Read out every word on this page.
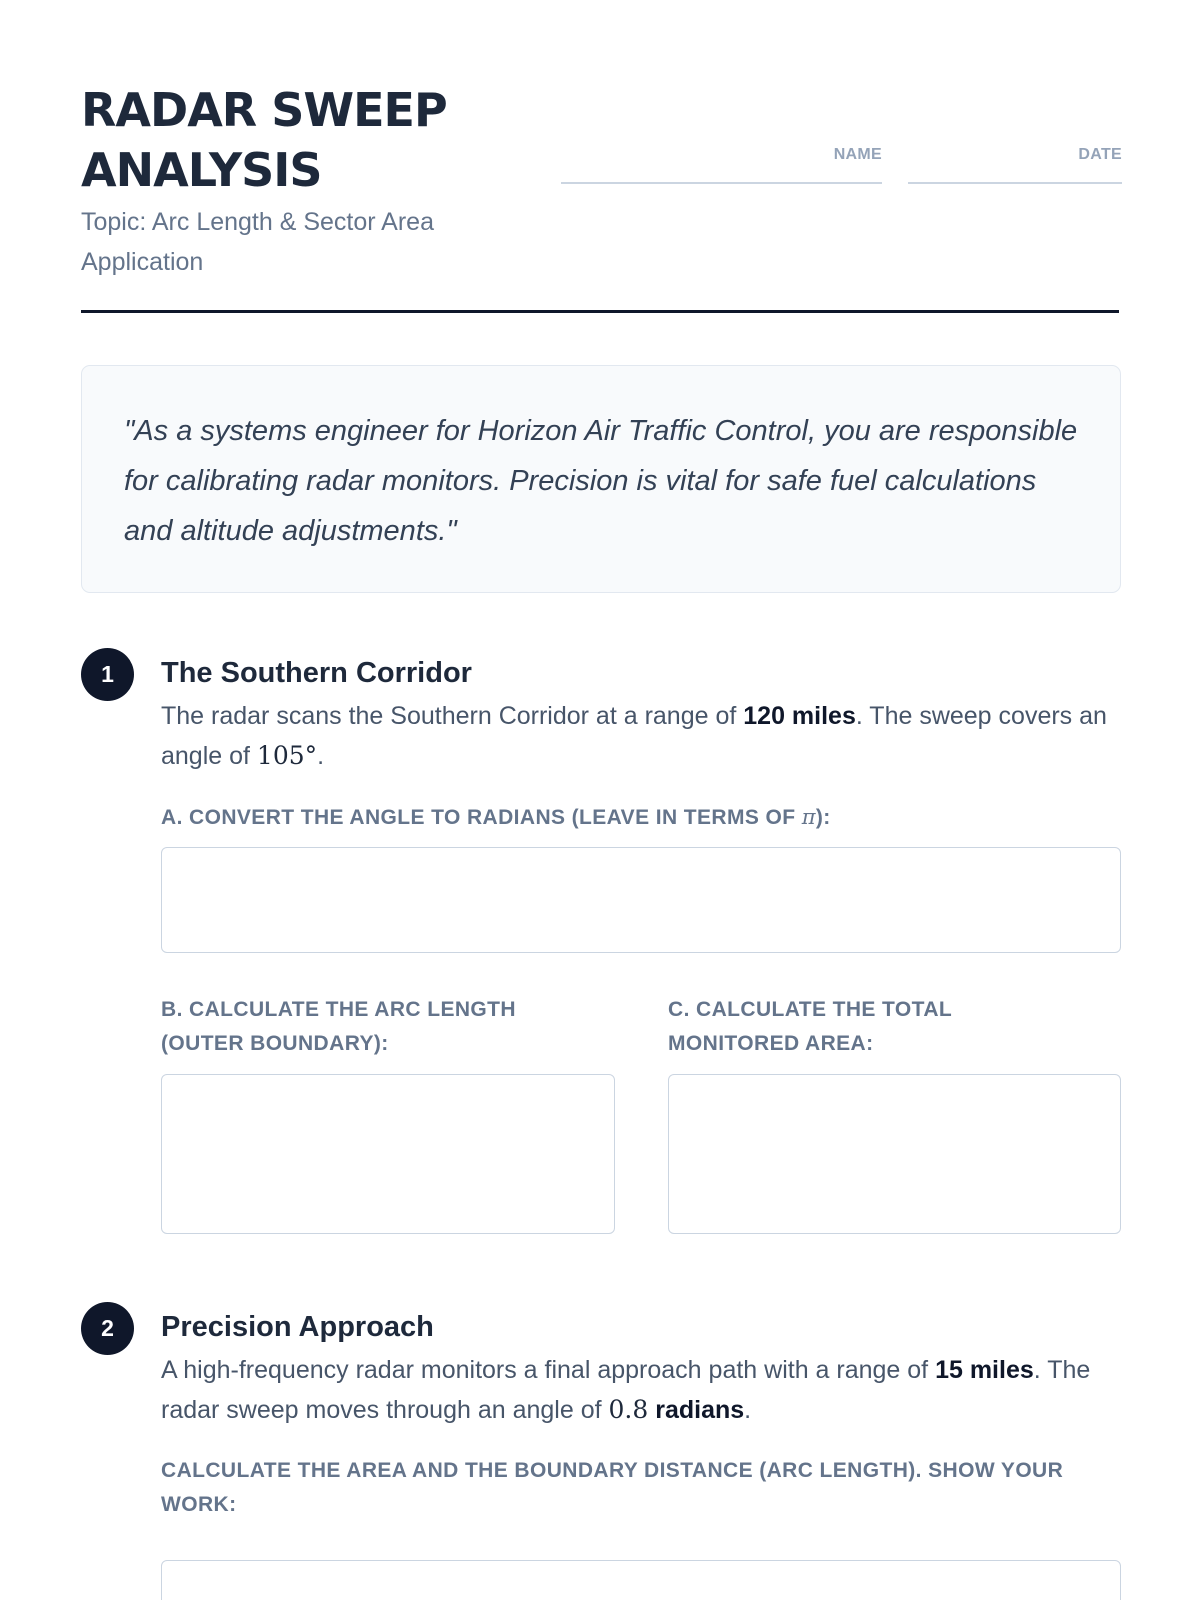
RADAR SWEEP
ANALYSIS

Topic: Arc Length & Sector Area Application

NAME	DATE

"As a systems engineer for Horizon Air Traffic Control, you are responsible for calibrating radar monitors. Precision is vital for safe fuel calculations and altitude adjustments."

1	The Southern Corridor

The radar scans the Southern Corridor at a range of 120 miles. The sweep covers an angle of 105°.

A. CONVERT THE ANGLE TO RADIANS (LEAVE IN TERMS OF π):

B. CALCULATE THE ARC LENGTH (OUTER BOUNDARY):

C. CALCULATE THE TOTAL MONITORED AREA:

2	Precision Approach

A high-frequency radar monitors a final approach path with a range of 15 miles. The radar sweep moves through an angle of 0.8 radians.

CALCULATE THE AREA AND THE BOUNDARY DISTANCE (ARC LENGTH). SHOW YOUR WORK:
